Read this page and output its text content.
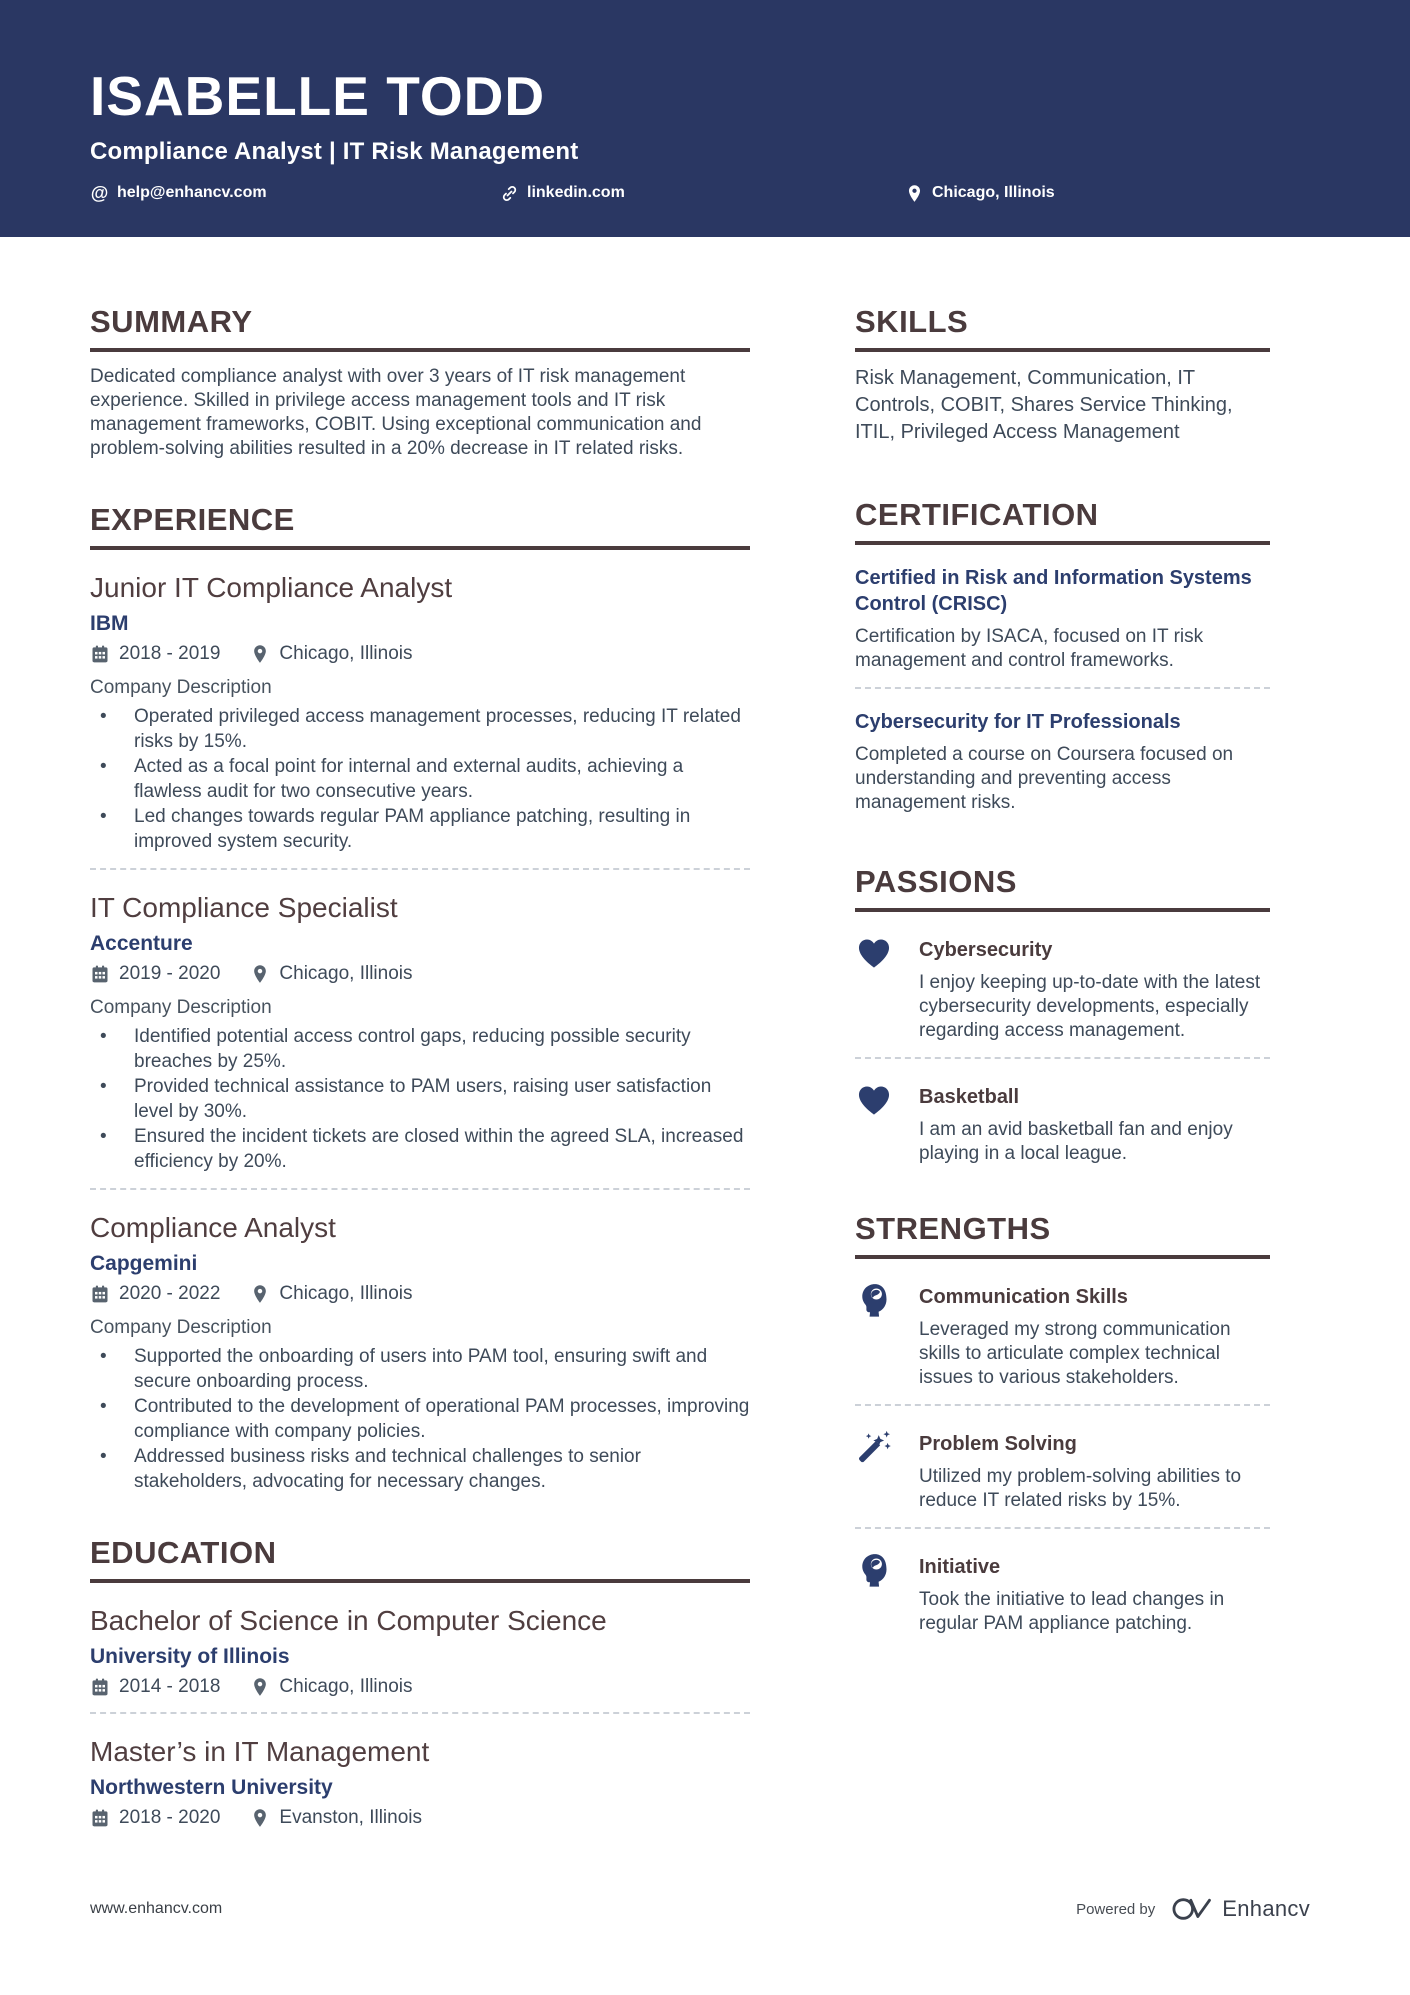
ISABELLE TODD
Compliance Analyst | IT Risk Management
@ help@enhancv.com	linkedin.com	Chicago, Illinois
SUMMARY
Dedicated compliance analyst with over 3 years of IT risk management experience. Skilled in privilege access management tools and IT risk management frameworks, COBIT. Using exceptional communication and problem-solving abilities resulted in a 20% decrease in IT related risks.
EXPERIENCE
Junior IT Compliance Analyst
IBM
2018 - 2019	Chicago, Illinois
Company Description
•	Operated privileged access management processes, reducing IT related risks by 15%.
•	Acted as a focal point for internal and external audits, achieving a flawless audit for two consecutive years.
•	Led changes towards regular PAM appliance patching, resulting in improved system security.
IT Compliance Specialist
Accenture
2019 - 2020	Chicago, Illinois
Company Description
•	Identified potential access control gaps, reducing possible security breaches by 25%.
•	Provided technical assistance to PAM users, raising user satisfaction level by 30%.
•	Ensured the incident tickets are closed within the agreed SLA, increased efficiency by 20%.
Compliance Analyst
Capgemini
2020 - 2022	Chicago, Illinois
Company Description
•	Supported the onboarding of users into PAM tool, ensuring swift and secure onboarding process.
•	Contributed to the development of operational PAM processes, improving compliance with company policies.
•	Addressed business risks and technical challenges to senior stakeholders, advocating for necessary changes.
EDUCATION
Bachelor of Science in Computer Science
University of Illinois
2014 - 2018	Chicago, Illinois
Master’s in IT Management
Northwestern University
2018 - 2020	Evanston, Illinois
SKILLS
Risk Management, Communication, IT Controls, COBIT, Shares Service Thinking, ITIL, Privileged Access Management
CERTIFICATION
Certified in Risk and Information Systems Control (CRISC)
Certification by ISACA, focused on IT risk management and control frameworks.
Cybersecurity for IT Professionals
Completed a course on Coursera focused on understanding and preventing access management risks.
PASSIONS
Cybersecurity
I enjoy keeping up-to-date with the latest cybersecurity developments, especially regarding access management.
Basketball
I am an avid basketball fan and enjoy playing in a local league.
STRENGTHS
Communication Skills
Leveraged my strong communication skills to articulate complex technical issues to various stakeholders.
Problem Solving
Utilized my problem-solving abilities to reduce IT related risks by 15%.
Initiative
Took the initiative to lead changes in regular PAM appliance patching.
www.enhancv.com	Powered by	Enhancv
